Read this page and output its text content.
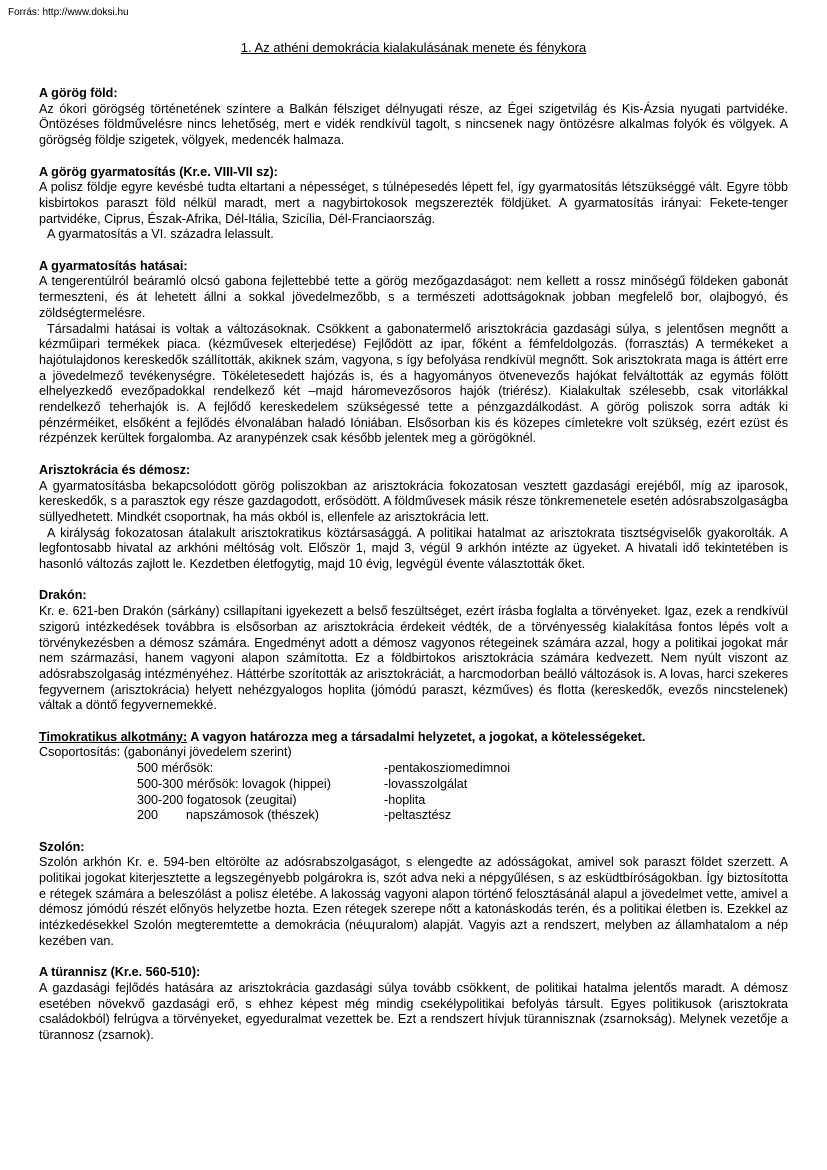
Forrás: http://www.doksi.hu
1. Az athéni demokrácia kialakulásának menete és fénykora
A görög föld:

Az ókori görögség történetének színtere a Balkán félsziget délnyugati része, az Égei szigetvilág és Kis-Ázsia nyugati partvidéke. Öntözéses földművelésre nincs lehetőség, mert e vidék rendkívül tagolt, s nincsenek nagy öntözésre alkalmas folyók és völgyek. A görögség földje szigetek, völgyek, medencék halmaza.

A görög gyarmatosítás (Kr.e. VIII-VII sz):

A polisz földje egyre kevésbé tudta eltartani a népességet, s túlnépesedés lépett fel, így gyarmatosítás létszükséggé vált. Egyre több kisbirtokos paraszt föld nélkül maradt, mert a nagybirtokosok megszerezték földjüket. A gyarmatosítás irányai: Fekete-tenger partvidéke, Ciprus, Észak-Afrika, Dél-Itália, Szicília, Dél-Franciaország.

A gyarmatosítás a VI. századra lelassult.

A gyarmatosítás hatásai:

A tengerentúlról beáramló olcsó gabona fejlettebbé tette a görög mezőgazdaságot: nem kellett a rossz minőségű földeken gabonát termeszteni, és át lehetett állni a sokkal jövedelmezőbb, s a természeti adottságoknak jobban megfelelő bor, olajbogyó, és zöldségtermelésre.

Társadalmi hatásai is voltak a változásoknak. Csökkent a gabonatermelő arisztokrácia gazdasági súlya, s jelentősen megnőtt a kézműipari termékek piaca. (kézművesek elterjedése) Fejlődött az ipar, főként a fémfeldolgozás. (forrasztás) A termékeket a hajótulajdonos kereskedők szállították, akiknek szám, vagyona, s így befolyása rendkívül megnőtt. Sok arisztokrata maga is áttért erre a jövedelmező tevékenységre. Tökéletesedett hajózás is, és a hagyományos ötvenevezős hajókat felváltották az egymás fölött elhelyezkedő evezőpadokkal rendelkező két –majd háromevezősoros hajók (triérész). Kialakultak szélesebb, csak vitorlákkal rendelkező teherhajók is. A fejlődő kereskedelem szükségessé tette a pénzgazdálkodást. A görög poliszok sorra adták ki pénzérméiket, elsőként a fejlődés élvonalában haladó Ióniában. Elsősorban kis és közepes címletekre volt szükség, ezért ezüst és rézpénzek kerültek forgalomba. Az aranypénzek csak később jelentek meg a görögöknél.

Arisztokrácia és démosz:

A gyarmatosításba bekapcsolódott görög poliszokban az arisztokrácia fokozatosan vesztett gazdasági erejéből, míg az iparosok, kereskedők, s a parasztok egy része gazdagodott, erősödött. A földművesek másik része tönkremenetele esetén adósrabszolgaságba süllyedhetett. Mindkét csoportnak, ha más okból is, ellenfele az arisztokrácia lett.

A királyság fokozatosan átalakult arisztokratikus köztársasággá. A politikai hatalmat az arisztokrata tisztségviselők gyakorolták. A legfontosabb hivatal az arkhóni méltóság volt. Először 1, majd 3, végül 9 arkhón intézte az ügyeket. A hivatali idő tekintetében is hasonló változás zajlott le. Kezdetben életfogytig, majd 10 évig, legvégül évente választották őket.

Drakón:

Kr. e. 621-ben Drakón (sárkány) csillapítani igyekezett a belső feszültséget, ezért írásba foglalta a törvényeket. Igaz, ezek a rendkívül szigorú intézkedések továbbra is elsősorban az arisztokrácia érdekeit védték, de a törvényesség kialakítása fontos lépés volt a törvénykezésben a démosz számára. Engedményt adott a démosz vagyonos rétegeinek számára azzal, hogy a politikai jogokat már nem származási, hanem vagyoni alapon számította. Ez a földbirtokos arisztokrácia számára kedvezett. Nem nyúlt viszont az adósrabszolgaság intézményéhez. Háttérbe szorították az arisztokráciát, a harcmodorban beálló változások is. A lovas, harci szekeres fegyvernem (arisztokrácia) helyett nehézgyalogos hoplita (jómódú paraszt, kézműves) és flotta (kereskedők, evezős nincstelenek) váltak a döntő fegyvernemekké.

Timokratikus alkotmány: A vagyon határozza meg a társadalmi helyzetet, a jogokat, a kötelességeket.
Csoportosítás: (gabonányi jövedelem szerint)
500 mérősök:	-pentakosziomedimnoi
500-300 mérősök: lovagok (hippei)	-lovasszolgálat
300-200 fogatosok (zeugitai)	-hoplita
200        napszámosok (thészek)	-peltasztész
Szolón:

Szolón arkhón Kr. e. 594-ben eltörölte az adósrabszolgaságot, s elengedte az adósságokat, amivel sok paraszt földet szerzett. A politikai jogokat kiterjesztette a legszegényebb polgárokra is, szót adva neki a népgyűlésen, s az esküdtbíróságokban. Így biztosította e rétegek számára a beleszólást a polisz életébe. A lakosság vagyoni alapon történő felosztásánál alapul a jövedelmet vette, amivel a démosz jómódú részét előnyös helyzetbe hozta. Ezen rétegek szerepe nőtt a katonáskodás terén, és a politikai életben is. Ezekkel az intézkedésekkel Szolón megteremtette a demokrácia (néպuralom) alapját. Vagyis azt a rendszert, melyben az államhatalom a nép kezében van.

A türannisz (Kr.e. 560-510):

A gazdasági fejlődés hatására az arisztokrácia gazdasági súlya tovább csökkent, de politikai hatalma jelentős maradt. A démosz esetében növekvő gazdasági erő, s ehhez képest még mindig csekélypolitikai befolyás társult. Egyes politikusok (arisztokrata családokból) felrúgva a törvényeket, egyeduralmat vezettek be. Ezt a rendszert hívjuk türannisznak (zsarnokság). Melynek vezetője a türannosz (zsarnok).
